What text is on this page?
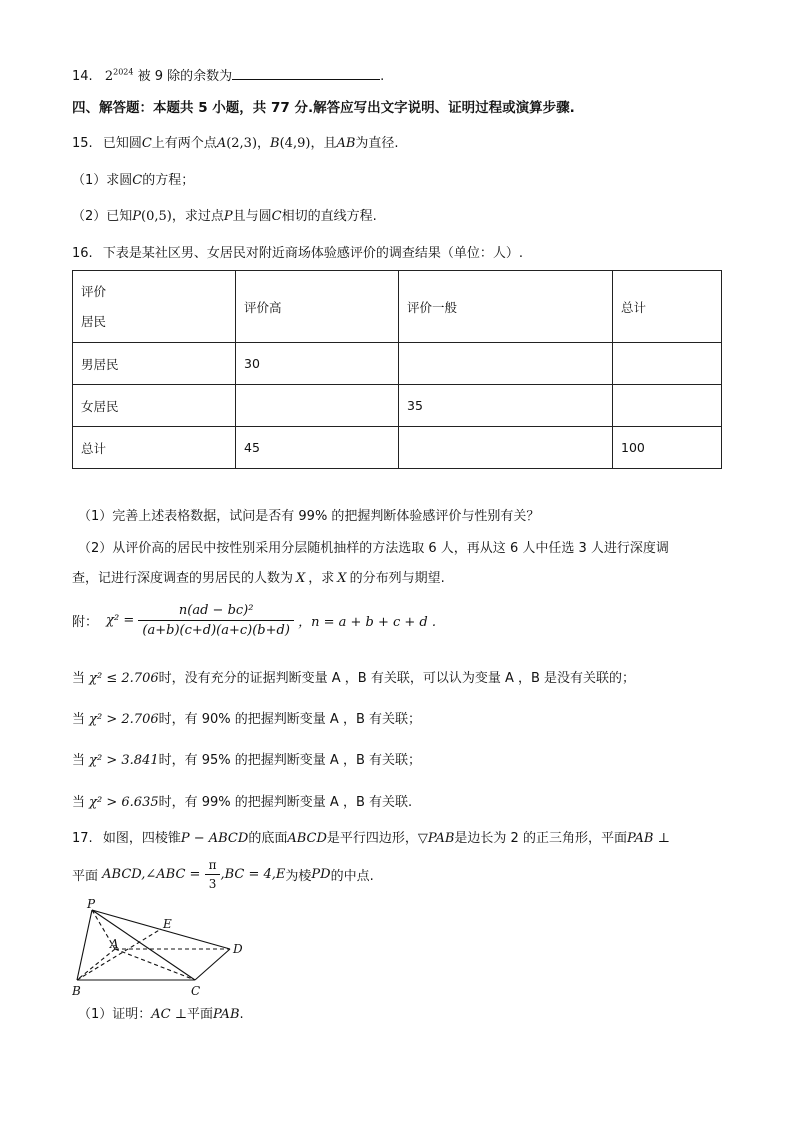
14. $2^{2024}$ 被 9 除的余数为	.
四、解答题：本题共 5 小题，共 77 分.解答应写出文字说明、证明过程或演算步骤.
15. 已知圆C上有两个点A(2,3)，B(4,9)，且AB为直径.
（1）求圆C的方程；
（2）已知P(0,5)，求过点P且与圆C相切的直线方程.
16. 下表是某社区男、女居民对附近商场体验感评价的调查结果（单位：人）.
评价
居民	评价高	评价一般	总计
男居民	30		
女居民		35	
总计	45		100
（1）完善上述表格数据，试问是否有 99% 的把握判断体验感评价与性别有关？
（2）从评价高的居民中按性别采用分层随机抽样的方法选取 6 人，再从这 6 人中任选 3 人进行深度调
查，记进行深度调查的男居民的人数为 X ，求 X 的分布列与期望.
附： $\chi^2 = \frac{\text{n(ad − bc)²}}{(a+b)(c+d)(a+c)(b+d)}$ ，n = a + b + c + d .
当 χ² ≤ 2.706时，没有充分的证据判断变量 A ，B 有关联，可以认为变量 A ，B 是没有关联的；
当 χ² > 2.706时，有 90% 的把握判断变量 A ，B 有关联；
当 χ² > 3.841时，有 95% 的把握判断变量 A ，B 有关联；
当 χ² > 6.635时，有 99% 的把握判断变量 A ，B 有关联.
17. 如图，四棱锥P − ABCD的底面ABCD是平行四边形，▽PAB是边长为 2 的正三角形，平面PAB ⊥
平面 ABCD,∠ABC = $\frac{\pi}{3} ,BC = 4,E$为棱PD的中点.
P
E
A	D
B	C
（1）证明：AC ⊥平面PAB.
